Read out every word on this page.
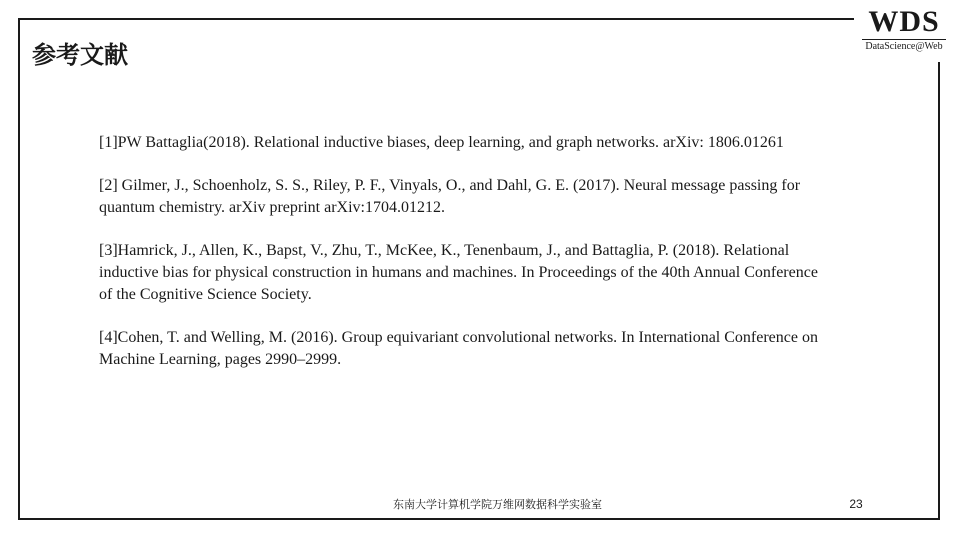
WDS
DataScience@Web
参考文献
[1]PW Battaglia(2018). Relational inductive biases, deep learning, and graph networks. arXiv: 1806.01261
[2] Gilmer, J., Schoenholz, S. S., Riley, P. F., Vinyals, O., and Dahl, G. E. (2017). Neural message passing for quantum chemistry. arXiv preprint arXiv:1704.01212.
[3]Hamrick, J., Allen, K., Bapst, V., Zhu, T., McKee, K., Tenenbaum, J., and Battaglia, P. (2018). Relational inductive bias for physical construction in humans and machines. In Proceedings of the 40th Annual Conference of the Cognitive Science Society.
[4]Cohen, T. and Welling, M. (2016). Group equivariant convolutional networks. In International Conference on Machine Learning, pages 2990–2999.
东南大学计算机学院万维网数据科学实验室	23
